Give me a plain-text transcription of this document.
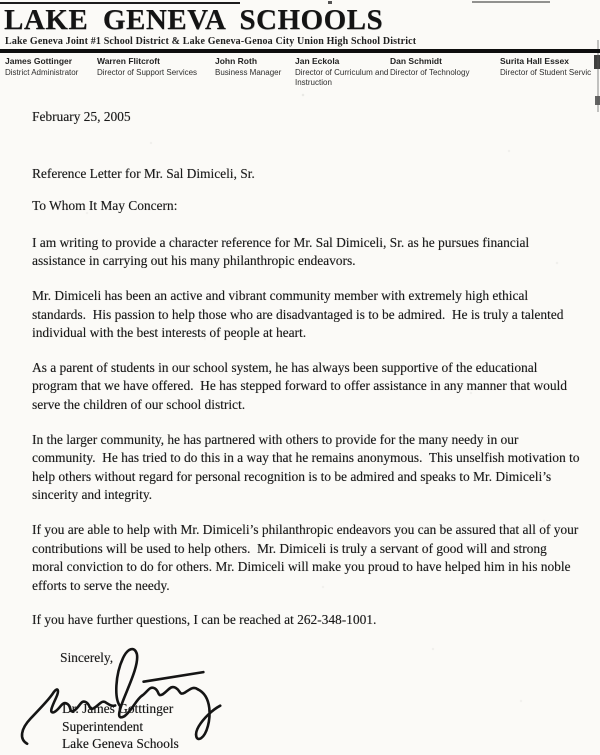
LAKE GENEVA SCHOOLS
Lake Geneva Joint #1 School District & Lake Geneva-Genoa City Union High School District
James Gottinger
District Administrator
Warren Flitcroft
Director of Support Services
John Roth
Business Manager
Jan Eckola
Director of Curriculum and Instruction
Dan Schmidt
Director of Technology
Surita Hall Essex
Director of Student Servic

February 25, 2005

Reference Letter for Mr. Sal Dimiceli, Sr.

To Whom It May Concern:

I am writing to provide a character reference for Mr. Sal Dimiceli, Sr. as he pursues financial assistance in carrying out his many philanthropic endeavors.

Mr. Dimiceli has been an active and vibrant community member with extremely high ethical standards.  His passion to help those who are disadvantaged is to be admired.  He is truly a talented individual with the best interests of people at heart.

As a parent of students in our school system, he has always been supportive of the educational program that we have offered.  He has stepped forward to offer assistance in any manner that would serve the children of our school district.

In the larger community, he has partnered with others to provide for the many needy in our community.  He has tried to do this in a way that he remains anonymous.  This unselfish motivation to help others without regard for personal recognition is to be admired and speaks to Mr. Dimiceli’s sincerity and integrity.

If you are able to help with Mr. Dimiceli’s philanthropic endeavors you can be assured that all of your contributions will be used to help others.  Mr. Dimiceli is truly a servant of good will and strong moral conviction to do for others. Mr. Dimiceli will make you proud to have helped him in his noble efforts to serve the needy.

If you have further questions, I can be reached at 262-348-1001.

Sincerely,
Dr. James Gotttinger
Superintendent
Lake Geneva Schools
